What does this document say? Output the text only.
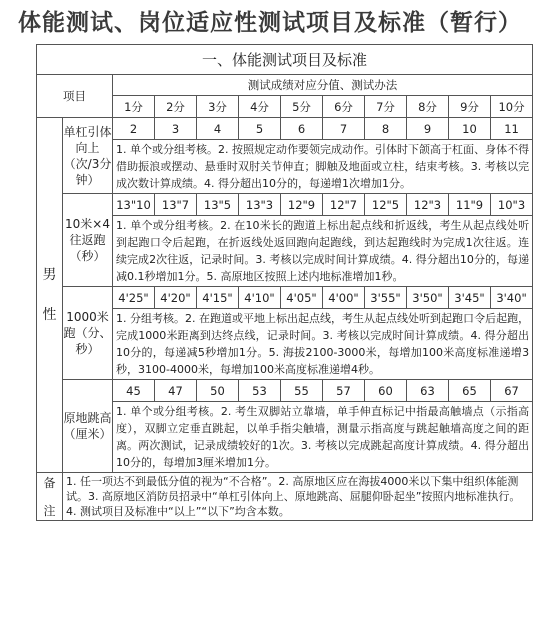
体能测试、岗位适应性测试项目及标准（暂行）
一、体能测试项目及标准											
项目		测试成绩对应分值、测试办法									
		1分	2分	3分	4分	5分	6分	7分	8分	9分	10分
男

性	单杠引体向上（次/3分钟）	2	3	4	5	6	7	8	9	10	11
		1. 单个或分组考核。2. 按照规定动作要领完成动作。引体时下颌高于杠面、身体不得借助振浪或摆动、悬垂时双肘关节伸直；脚触及地面或立柱，结束考核。3. 考核以完成次数计算成绩。4. 得分超出10分的，每递增1次增加1分。									
	10米×4往返跑（秒）	13"10	13"7	13"5	13"3	12"9	12"7	12"5	12"3	11"9	10"3
		1. 单个或分组考核。2. 在10米长的跑道上标出起点线和折返线，考生从起点线处听到起跑口令后起跑，在折返线处返回跑向起跑线，到达起跑线时为完成1次往返。连续完成2次往返，记录时间。3. 考核以完成时间计算成绩。4. 得分超出10分的，每递减0.1秒增加1分。5. 高原地区按照上述内地标准增加1秒。									
	1000米跑（分、秒）	4'25"	4'20"	4'15"	4'10"	4'05"	4'00"	3'55"	3'50"	3'45"	3'40"
		1. 分组考核。2. 在跑道或平地上标出起点线，考生从起点线处听到起跑口令后起跑，完成1000米距离到达终点线，记录时间。3. 考核以完成时间计算成绩。4. 得分超出10分的，每递减5秒增加1分。5. 海拔2100-3000米，每增加100米高度标准递增3秒，3100-4000米，每增加100米高度标准递增4秒。									
	原地跳高（厘米）	45	47	50	53	55	57	60	63	65	67
		1. 单个或分组考核。2. 考生双脚站立靠墙，单手伸直标记中指最高触墙点（示指高度），双脚立定垂直跳起，以单手指尖触墙，测量示指高度与跳起触墙高度之间的距离。两次测试，记录成绩较好的1次。3. 考核以完成跳起高度计算成绩。4. 得分超出10分的，每增加3厘米增加1分。									
备

注	1. 任一项达不到最低分值的视为“不合格”。2. 高原地区应在海拔4000米以下集中组织体能测试。3. 高原地区消防员招录中“单杠引体向上、原地跳高、屈腿仰卧起坐”按照内地标准执行。4. 测试项目及标准中“以上”“以下”均含本数。										
